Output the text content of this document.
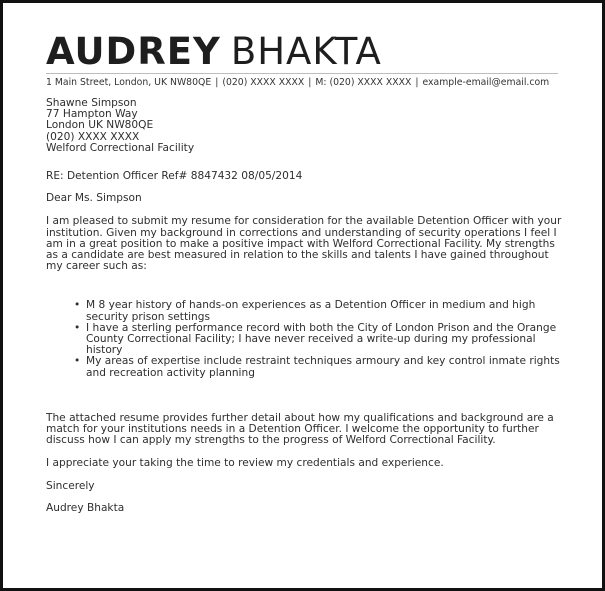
AUDREY BHAKTA
1 Main Street, London, UK NW80QE | (020) XXXX XXXX | M: (020) XXXX XXXX | example-email@email.com
Shawne Simpson
77 Hampton Way
London UK NW80QE
(020) XXXX XXXX
Welford Correctional Facility
RE: Detention Officer Ref# 8847432 08/05/2014
Dear Ms. Simpson
I am pleased to submit my resume for consideration for the available Detention Officer with your institution. Given my background in corrections and understanding of security operations I feel I am in a great position to make a positive impact with Welford Correctional Facility. My strengths as a candidate are best measured in relation to the skills and talents I have gained throughout my career such as:
• M 8 year history of hands-on experiences as a Detention Officer in medium and high security prison settings
• I have a sterling performance record with both the City of London Prison and the Orange County Correctional Facility; I have never received a write-up during my professional history
• My areas of expertise include restraint techniques armoury and key control inmate rights and recreation activity planning
The attached resume provides further detail about how my qualifications and background are a match for your institutions needs in a Detention Officer. I welcome the opportunity to further discuss how I can apply my strengths to the progress of Welford Correctional Facility.
I appreciate your taking the time to review my credentials and experience.
Sincerely
Audrey Bhakta
